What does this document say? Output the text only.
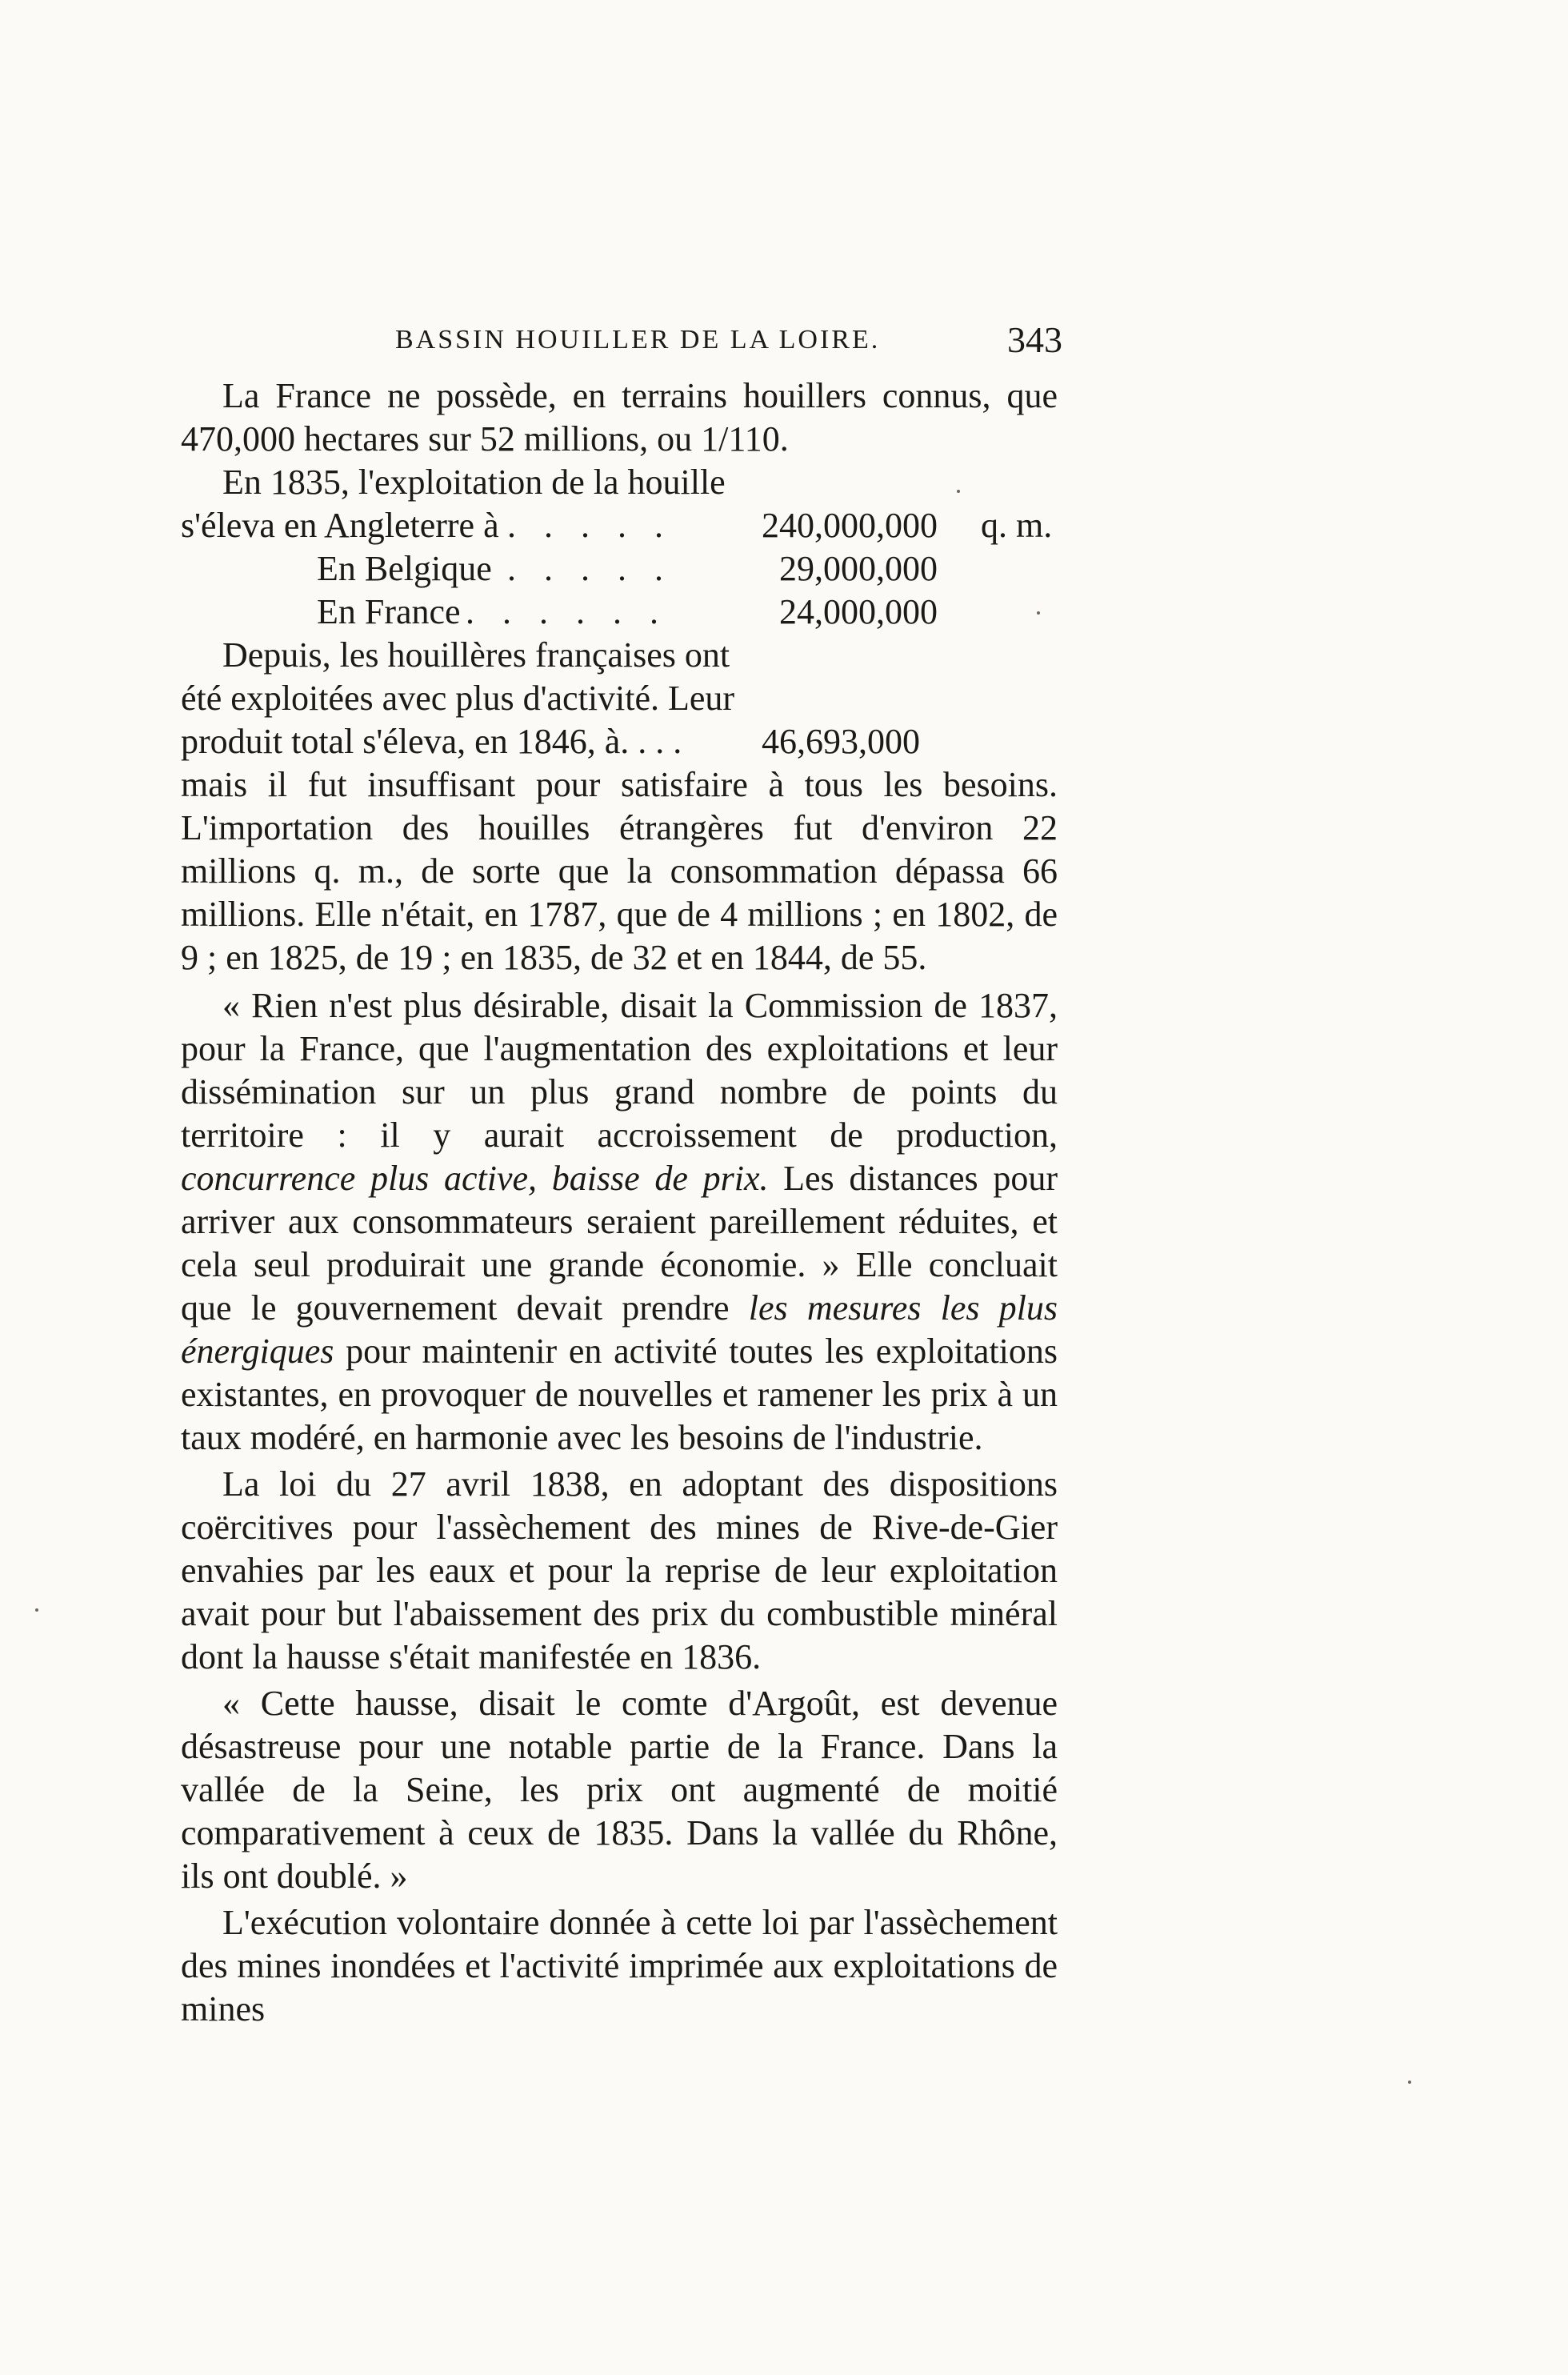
BASSIN HOUILLER DE LA LOIRE.	343

La France ne possède, en terrains houillers connus, que

470,000 hectares sur 52 millions, ou 1/110.

En 1835, l'exploitation de la houille

s'éleva en Angleterre à . . . . .	240,000,000 q. m.
En Belgique . . . . .	29,000,000
En France . . . . . .	24,000,000

Depuis, les houillères françaises ont

été exploitées avec plus d'activité. Leur

produit total s'éleva, en 1846, à. . . . 46,693,000

mais il fut insuffisant pour satisfaire à tous les besoins. L'importation des houilles étrangères fut d'environ 22 millions q. m., de sorte que la consommation dépassa 66 millions. Elle n'était, en 1787, que de 4 millions ; en 1802, de 9 ; en 1825, de 19 ; en 1835, de 32 et en 1844, de 55.

« Rien n'est plus désirable, disait la Commission de 1837, pour la France, que l'augmentation des exploitations et leur dissémination sur un plus grand nombre de points du territoire : il y aurait accroissement de production, concurrence plus active, baisse de prix. Les distances pour arriver aux consommateurs seraient pareillement réduites, et cela seul produirait une grande économie. » Elle concluait que le gouvernement devait prendre les mesures les plus énergiques pour maintenir en activité toutes les exploitations existantes, en provoquer de nouvelles et ramener les prix à un taux modéré, en harmonie avec les besoins de l'industrie.

La loi du 27 avril 1838, en adoptant des dispositions coërcitives pour l'assèchement des mines de Rive-de-Gier envahies par les eaux et pour la reprise de leur exploitation avait pour but l'abaissement des prix du combustible minéral dont la hausse s'était manifestée en 1836.

« Cette hausse, disait le comte d'Argoût, est devenue désastreuse pour une notable partie de la France. Dans la vallée de la Seine, les prix ont augmenté de moitié comparativement à ceux de 1835. Dans la vallée du Rhône, ils ont doublé. »

L'exécution volontaire donnée à cette loi par l'assèchement des mines inondées et l'activité imprimée aux exploitations de mines
